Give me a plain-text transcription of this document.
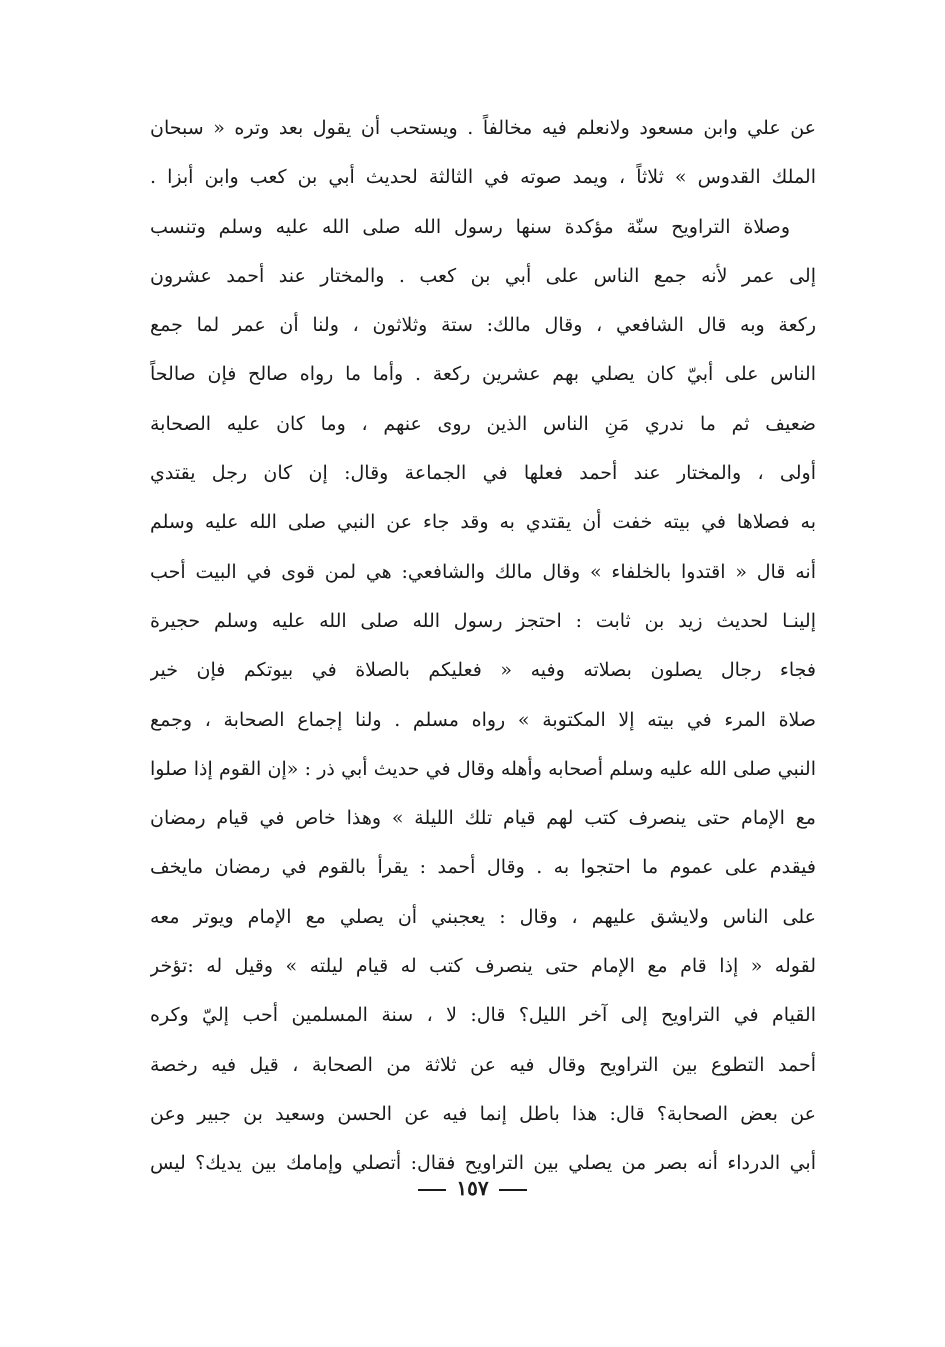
عن علي وابن مسعود ولانعلم فيه مخالفاً . ويستحب أن يقول بعد وتره « سبحان
الملك القدوس » ثلاثاً ، ويمد صوته في الثالثة لحديث أبي بن كعب وابن أبزا .
وصلاة التراويح سنّة مؤكدة سنها رسول الله صلى الله عليه وسلم وتنسب
إلى عمر لأنه جمع الناس على أبي بن كعب . والمختار عند أحمد عشرون
ركعة وبه قال الشافعي ، وقال مالك: ستة وثلاثون ، ولنا أن عمر لما جمع
الناس على أبيّ كان يصلي بهم عشرين ركعة . وأما ما رواه صالح فإن صالحاً
ضعيف ثم ما ندري مَنِ الناس الذين روى عنهم ، وما كان عليه الصحابة
أولى ، والمختار عند أحمد فعلها في الجماعة وقال: إن كان رجل يقتدي
به فصلاها في بيته خفت أن يقتدي به وقد جاء عن النبي صلى الله عليه وسلم
أنه قال « اقتدوا بالخلفاء » وقال مالك والشافعي: هي لمن قوى في البيت أحب
إلينـا لحديث زيد بن ثابت : احتجز رسول الله صلى الله عليه وسلم حجيرة
فجاء رجال يصلون بصلاته وفيه « فعليكم بالصلاة في بيوتكم فإن خير
صلاة المرء في بيته إلا المكتوبة » رواه مسلم . ولنا إجماع الصحابة ، وجمع
النبي صلى الله عليه وسلم أصحابه وأهله وقال في حديث أبي ذر : «إن القوم إذا صلوا
مع الإمام حتى ينصرف كتب لهم قيام تلك الليلة » وهذا خاص في قيام رمضان
فيقدم على عموم ما احتجوا به . وقال أحمد : يقرأ بالقوم في رمضان مايخف
على الناس ولايشق عليهم ، وقال : يعجبني أن يصلي مع الإمام ويوتر معه
لقوله « إذا قام مع الإمام حتى ينصرف كتب له قيام ليلته » وقيل له :تؤخر
القيام في التراويح إلى آخر الليل؟ قال: لا ، سنة المسلمين أحب إليّ وكره
أحمد التطوع بين التراويح وقال فيه عن ثلاثة من الصحابة ، قيل فيه رخصة
عن بعض الصحابة؟ قال: هذا باطل إنما فيه عن الحسن وسعيد بن جبير وعن
أبي الدرداء أنه بصر من يصلي بين التراويح فقال: أتصلي وإمامك بين يديك؟ ليس
١٥٧
